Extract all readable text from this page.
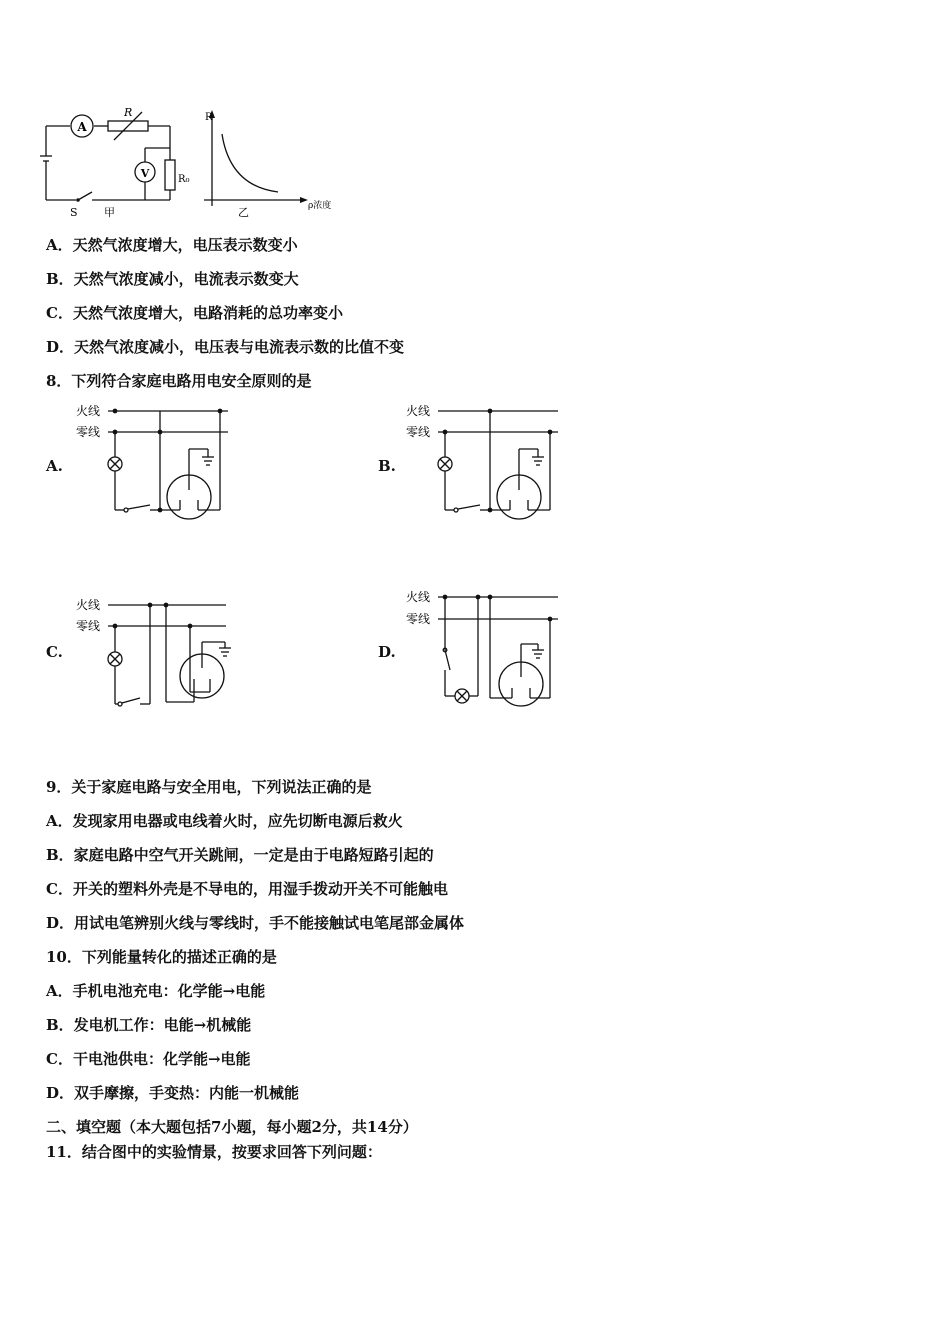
A
R
R₀
V
S 甲
R
ρ浓度
乙
A．天然气浓度增大，电压表示数变小
B．天然气浓度减小，电流表示数变大
C．天然气浓度增大，电路消耗的总功率变小
D．天然气浓度减小，电压表与电流表示数的比值不变
8．下列符合家庭电路用电安全原则的是
A.	B.
C.	D.
火线
零线
火线
零线
火线
零线
火线
零线
9．关于家庭电路与安全用电，下列说法正确的是
A．发现家用电器或电线着火时，应先切断电源后救火
B．家庭电路中空气开关跳闸，一定是由于电路短路引起的
C．开关的塑料外壳是不导电的，用湿手拨动开关不可能触电
D．用试电笔辨别火线与零线时，手不能接触试电笔尾部金属体
10．下列能量转化的描述正确的是
A．手机电池充电：化学能→电能
B．发电机工作：电能→机械能
C．干电池供电：化学能→电能
D．双手摩擦，手变热：内能一机械能
二、填空题（本大题包括7小题，每小题2分，共14分）
11．结合图中的实验情景，按要求回答下列问题：
